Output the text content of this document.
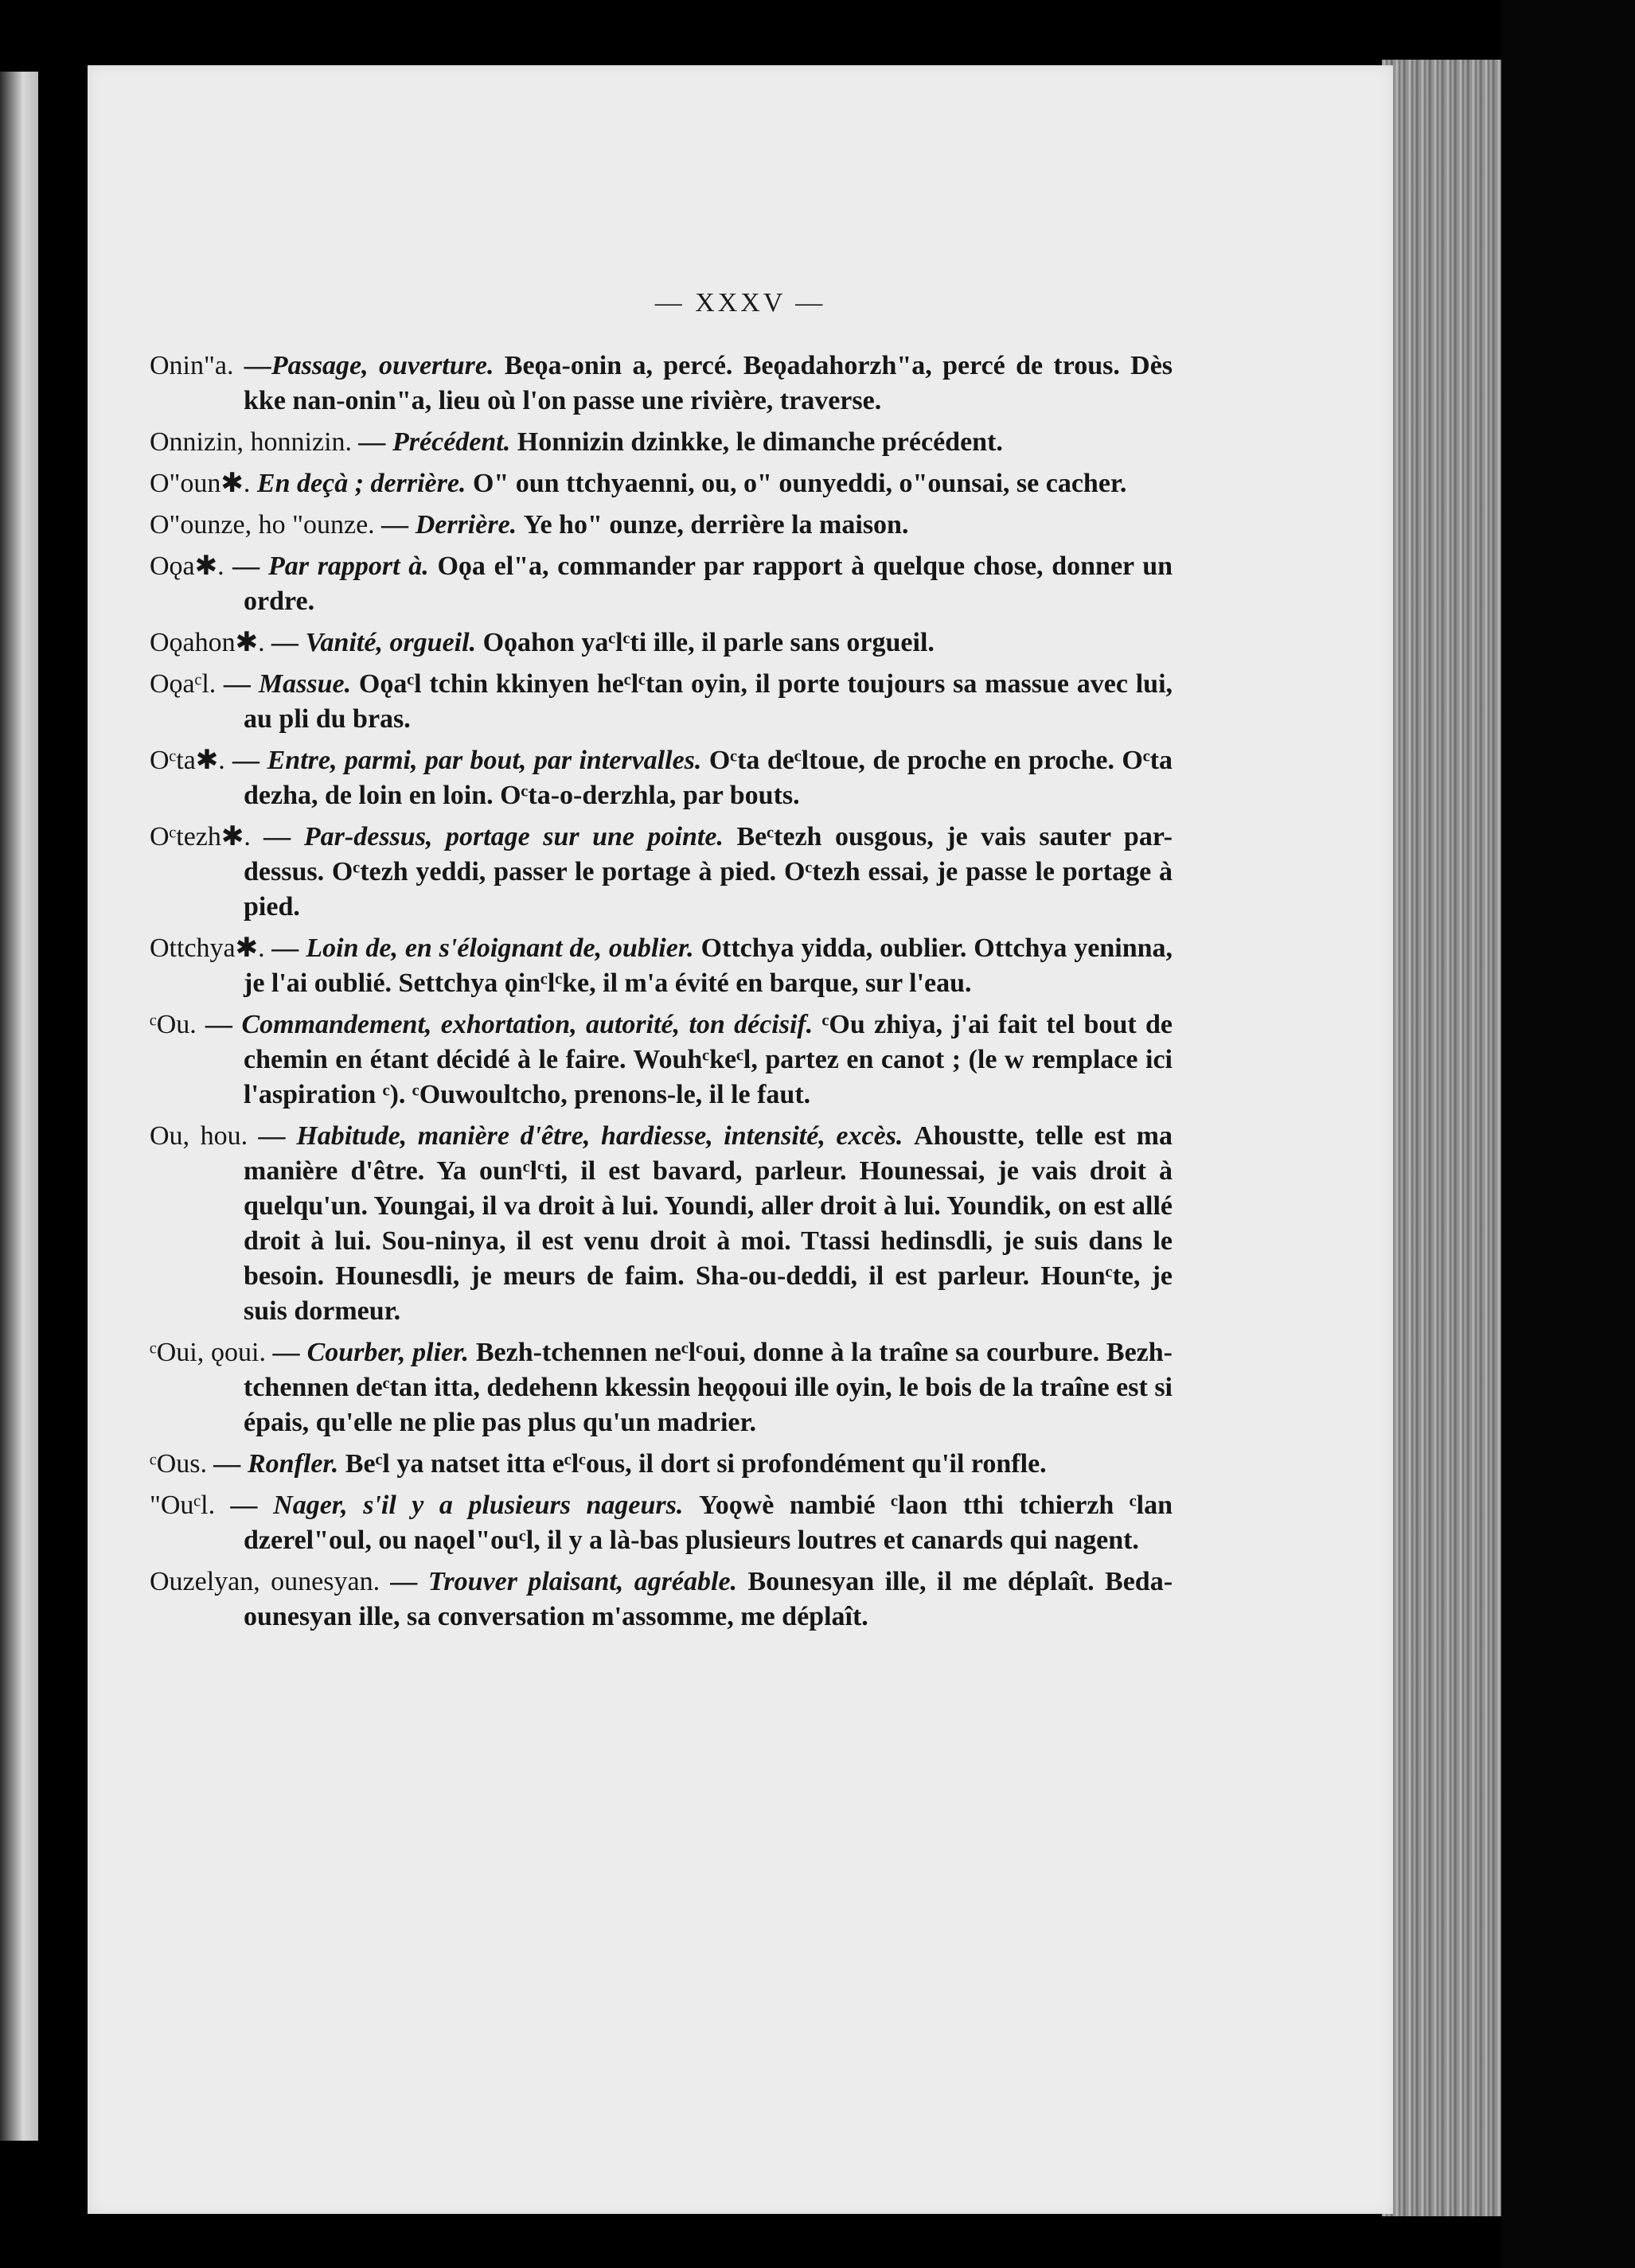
— XXXV —

Onin"a. —Passage, ouverture. Beǫa-onin a, percé. Beǫadahorzh"a, percé de trous. Dès kke nan-onin"a, lieu où l'on passe une rivière, traverse.

Onnizin, honnizin. — Précédent. Honnizin dzinkke, le dimanche précédent.

O"oun✱. En deçà ; derrière. O" oun ttchyaenni, ou, o" ounyeddi, o"ounsai, se cacher.

O"ounze, ho "ounze. — Derrière. Ye ho" ounze, derrière la maison.

Oǫa✱. — Par rapport à. Oǫa el"a, commander par rapport à quelque chose, donner un ordre.

Oǫahon✱. — Vanité, orgueil. Oǫahon yaᶜlᶜti ille, il parle sans orgueil.

Oǫaᶜl. — Massue. Oǫaᶜl tchin kkinyen heᶜlᶜtan oyin, il porte toujours sa massue avec lui, au pli du bras.

Oᶜta✱. — Entre, parmi, par bout, par intervalles. Oᶜta deᶜltoue, de proche en proche. Oᶜta dezha, de loin en loin. Oᶜta-o-derzhla, par bouts.

Oᶜtezh✱. — Par-dessus, portage sur une pointe. Beᶜtezh ousgous, je vais sauter par-dessus. Oᶜtezh yeddi, passer le portage à pied. Oᶜtezh essai, je passe le portage à pied.

Ottchya✱. — Loin de, en s'éloignant de, oublier. Ottchya yidda, oublier. Ottchya yeninna, je l'ai oublié. Settchya ǫinᶜlᶜke, il m'a évité en barque, sur l'eau.

ᶜOu. — Commandement, exhortation, autorité, ton décisif. ᶜOu zhiya, j'ai fait tel bout de chemin en étant décidé à le faire. Wouhᶜkeᶜl, partez en canot ; (le w remplace ici l'aspiration ᶜ). ᶜOuwoultcho, prenons-le, il le faut.

Ou, hou. — Habitude, manière d'être, hardiesse, intensité, excès. Ahoustte, telle est ma manière d'être. Ya ounᶜlᶜti, il est bavard, parleur. Hounessai, je vais droit à quelqu'un. Youngai, il va droit à lui. Youndi, aller droit à lui. Youndik, on est allé droit à lui. Sou-ninya, il est venu droit à moi. Ttassi hedinsdli, je suis dans le besoin. Hounesdli, je meurs de faim. Sha-ou-deddi, il est parleur. Hounᶜte, je suis dormeur.

ᶜOui, ǫoui. — Courber, plier. Bezh-tchennen neᶜlᶜoui, donne à la traîne sa courbure. Bezh-tchennen deᶜtan itta, dedehenn kkessin heǫǫoui ille oyin, le bois de la traîne est si épais, qu'elle ne plie pas plus qu'un madrier.

ᶜOus. — Ronfler. Beᶜl ya natset itta eᶜlᶜous, il dort si profondément qu'il ronfle.

"Ouᶜl. — Nager, s'il y a plusieurs nageurs. Yoǫwè nambié ᶜlaon tthi tchierzh ᶜlan dzerel"oul, ou naǫel"ouᶜl, il y a là-bas plusieurs loutres et canards qui nagent.

Ouzelyan, ounesyan. — Trouver plaisant, agréable. Bounesyan ille, il me déplaît. Beda-ounesyan ille, sa conversation m'assomme, me déplaît.
